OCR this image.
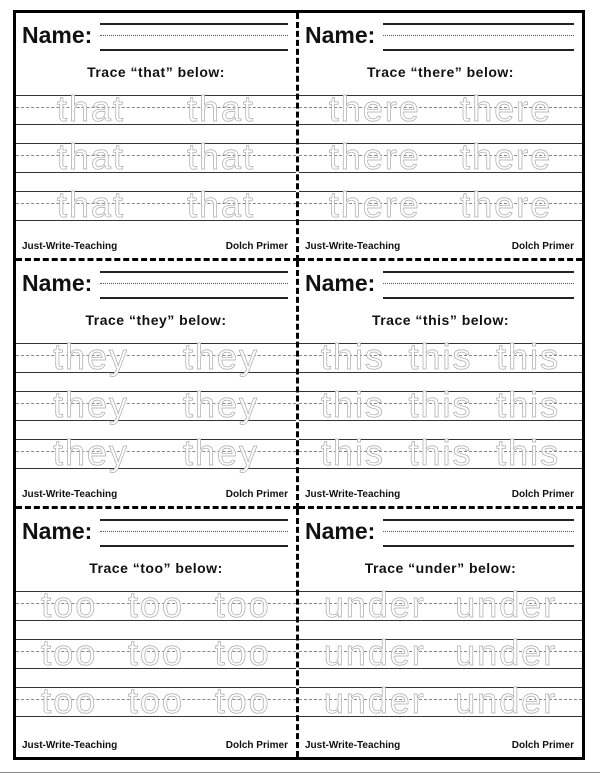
Name:
Trace “that” below:
that that
that that
that that
Just-Write-Teaching	Dolch Primer
Name:
Trace “there” below:
there there
there there
there there
Just-Write-Teaching	Dolch Primer
Name:
Trace “they” below:
they they
they they
they they
Just-Write-Teaching	Dolch Primer
Name:
Trace “this” below:
this this this
this this this
this this this
Just-Write-Teaching	Dolch Primer
Name:
Trace “too” below:
too too too
too too too
too too too
Just-Write-Teaching	Dolch Primer
Name:
Trace “under” below:
under under
under under
under under
Just-Write-Teaching	Dolch Primer
